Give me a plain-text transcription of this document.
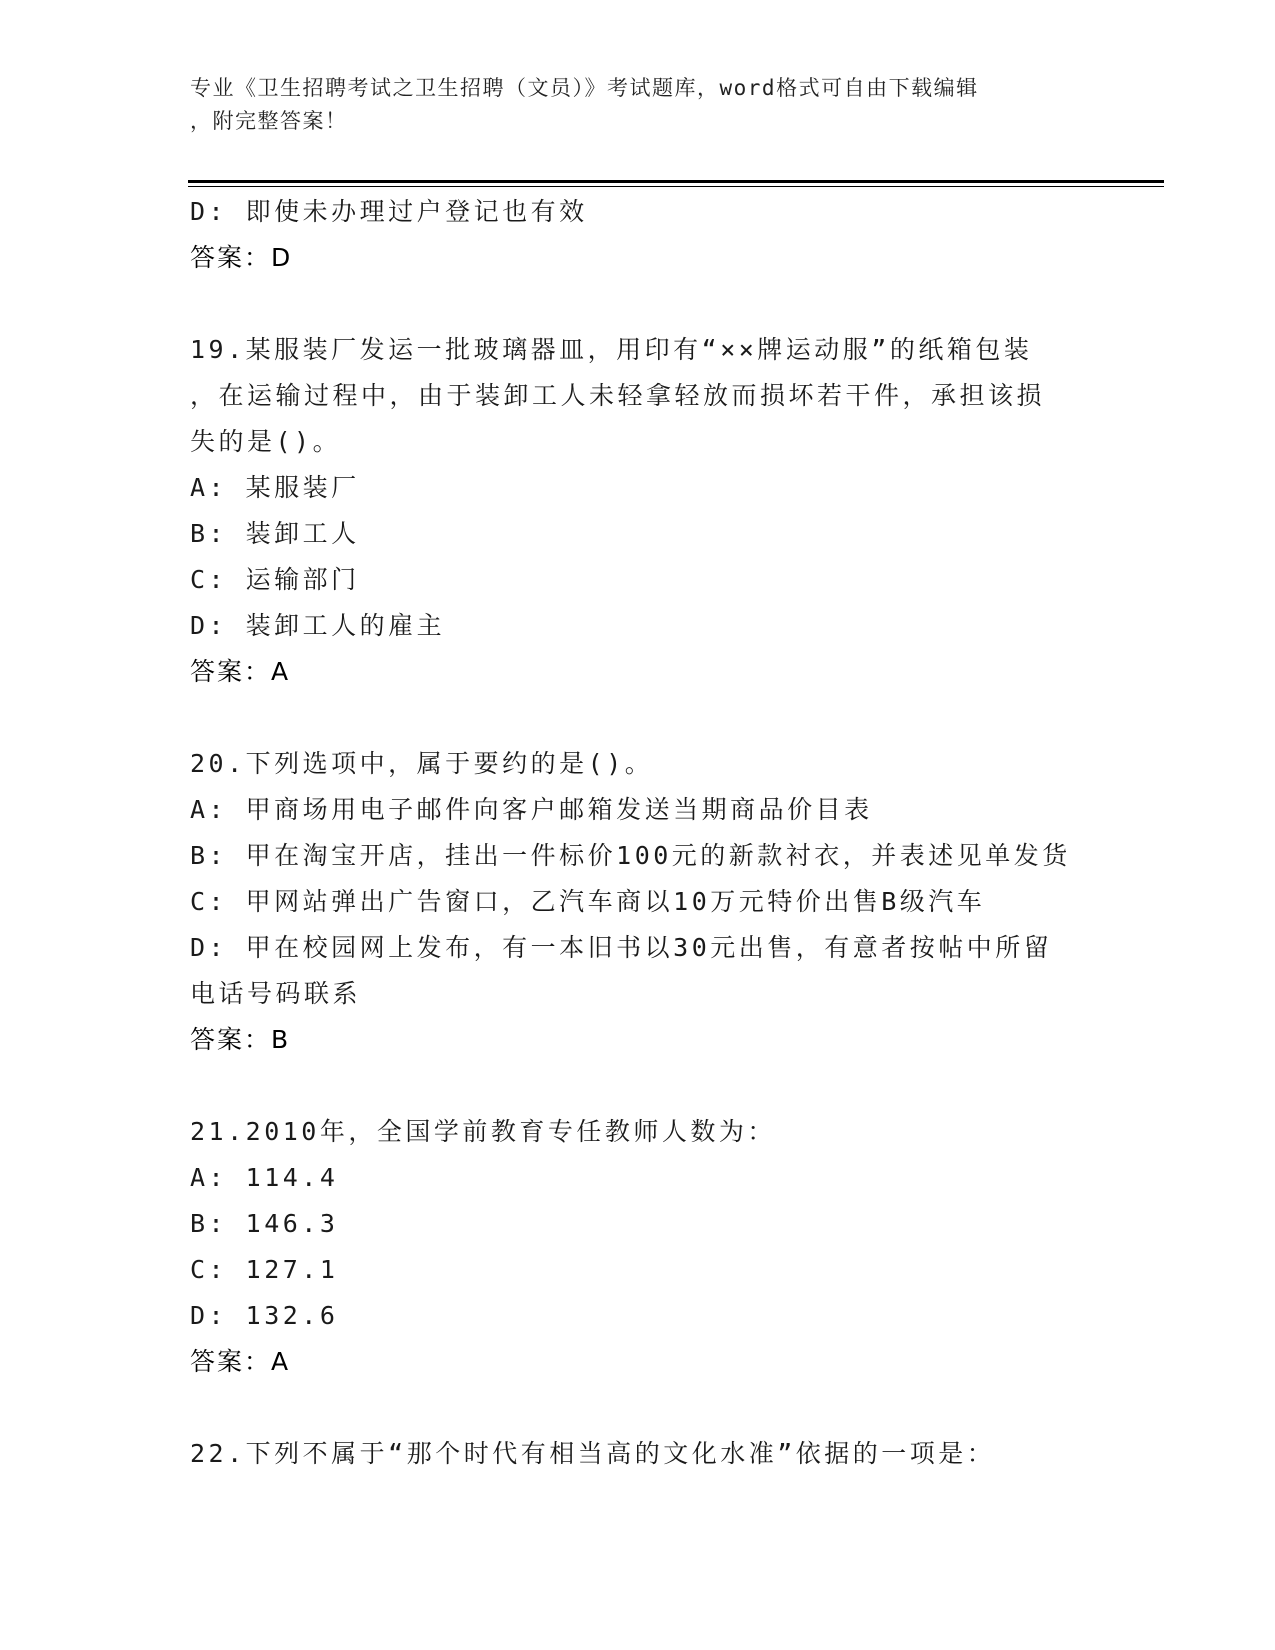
专业《卫生招聘考试之卫生招聘（文员）》考试题库，word格式可自由下载编辑
，附完整答案！
D: 即使未办理过户登记也有效
答案：D
19.某服装厂发运一批玻璃器皿，用印有“××牌运动服”的纸箱包装
，在运输过程中，由于装卸工人未轻拿轻放而损坏若干件，承担该损
失的是()。
A: 某服装厂
B: 装卸工人
C: 运输部门
D: 装卸工人的雇主
答案：A
20.下列选项中，属于要约的是()。
A: 甲商场用电子邮件向客户邮箱发送当期商品价目表
B: 甲在淘宝开店，挂出一件标价100元的新款衬衣，并表述见单发货
C: 甲网站弹出广告窗口，乙汽车商以10万元特价出售B级汽车
D: 甲在校园网上发布，有一本旧书以30元出售，有意者按帖中所留
电话号码联系
答案：B
21.2010年，全国学前教育专任教师人数为：
A: 114.4
B: 146.3
C: 127.1
D: 132.6
答案：A
22.下列不属于“那个时代有相当高的文化水准”依据的一项是：
